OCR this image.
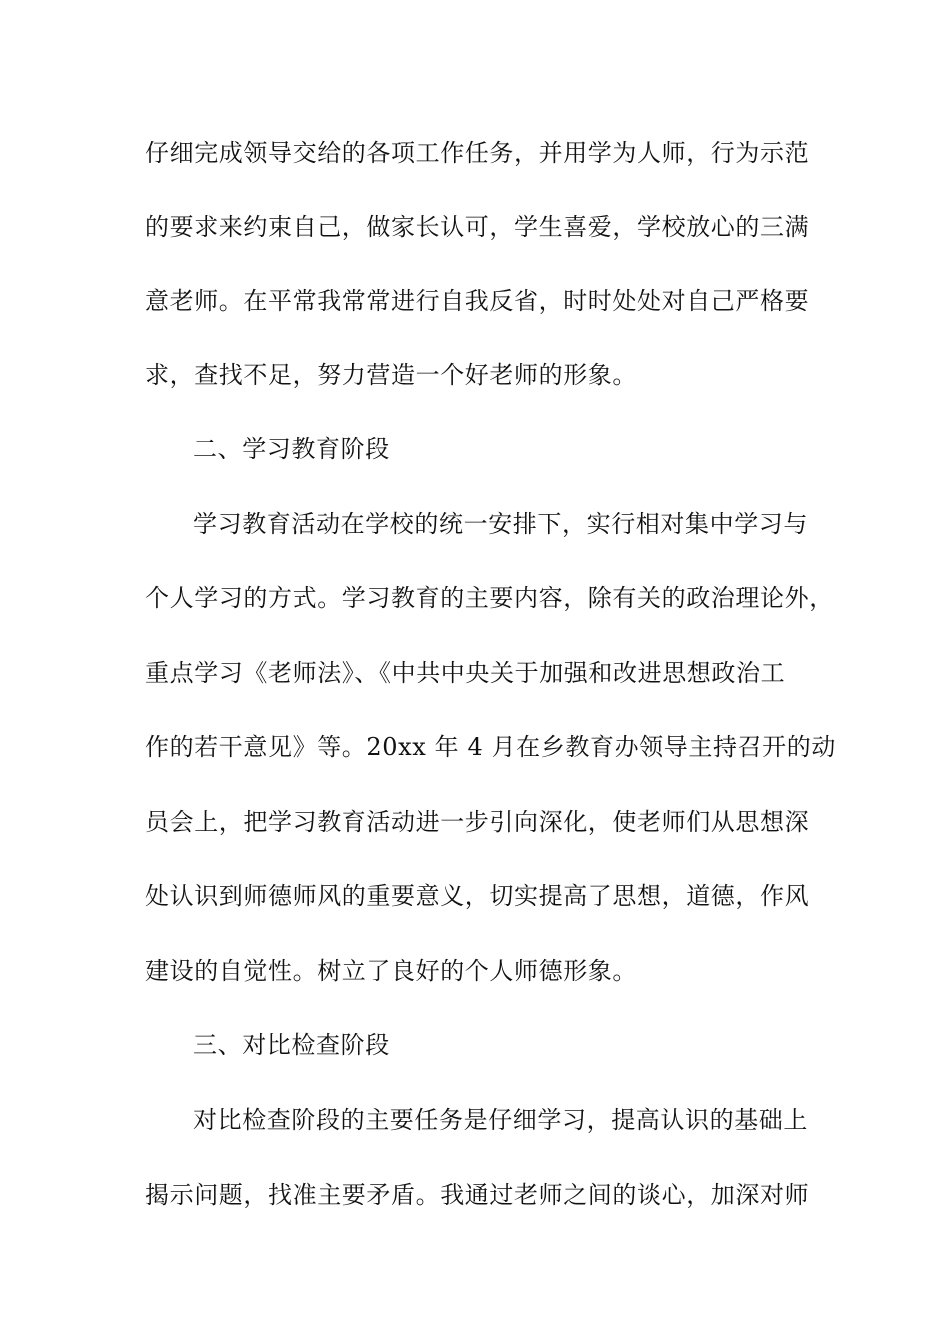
仔细完成领导交给的各项工作任务，并用学为人师，行为示范
的要求来约束自己，做家长认可，学生喜爱，学校放心的三满
意老师。在平常我常常进行自我反省，时时处处对自己严格要
求，查找不足，努力营造一个好老师的形象。
二、学习教育阶段
学习教育活动在学校的统一安排下，实行相对集中学习与
个人学习的方式。学习教育的主要内容，除有关的政治理论外，
重点学习《老师法》、《中共中央关于加强和改进思想政治工
作的若干意见》等。20xx 年 4 月在乡教育办领导主持召开的动
员会上，把学习教育活动进一步引向深化，使老师们从思想深
处认识到师德师风的重要意义，切实提高了思想，道德，作风
建设的自觉性。树立了良好的个人师德形象。
三、对比检查阶段
对比检查阶段的主要任务是仔细学习，提高认识的基础上
揭示问题，找准主要矛盾。我通过老师之间的谈心，加深对师
